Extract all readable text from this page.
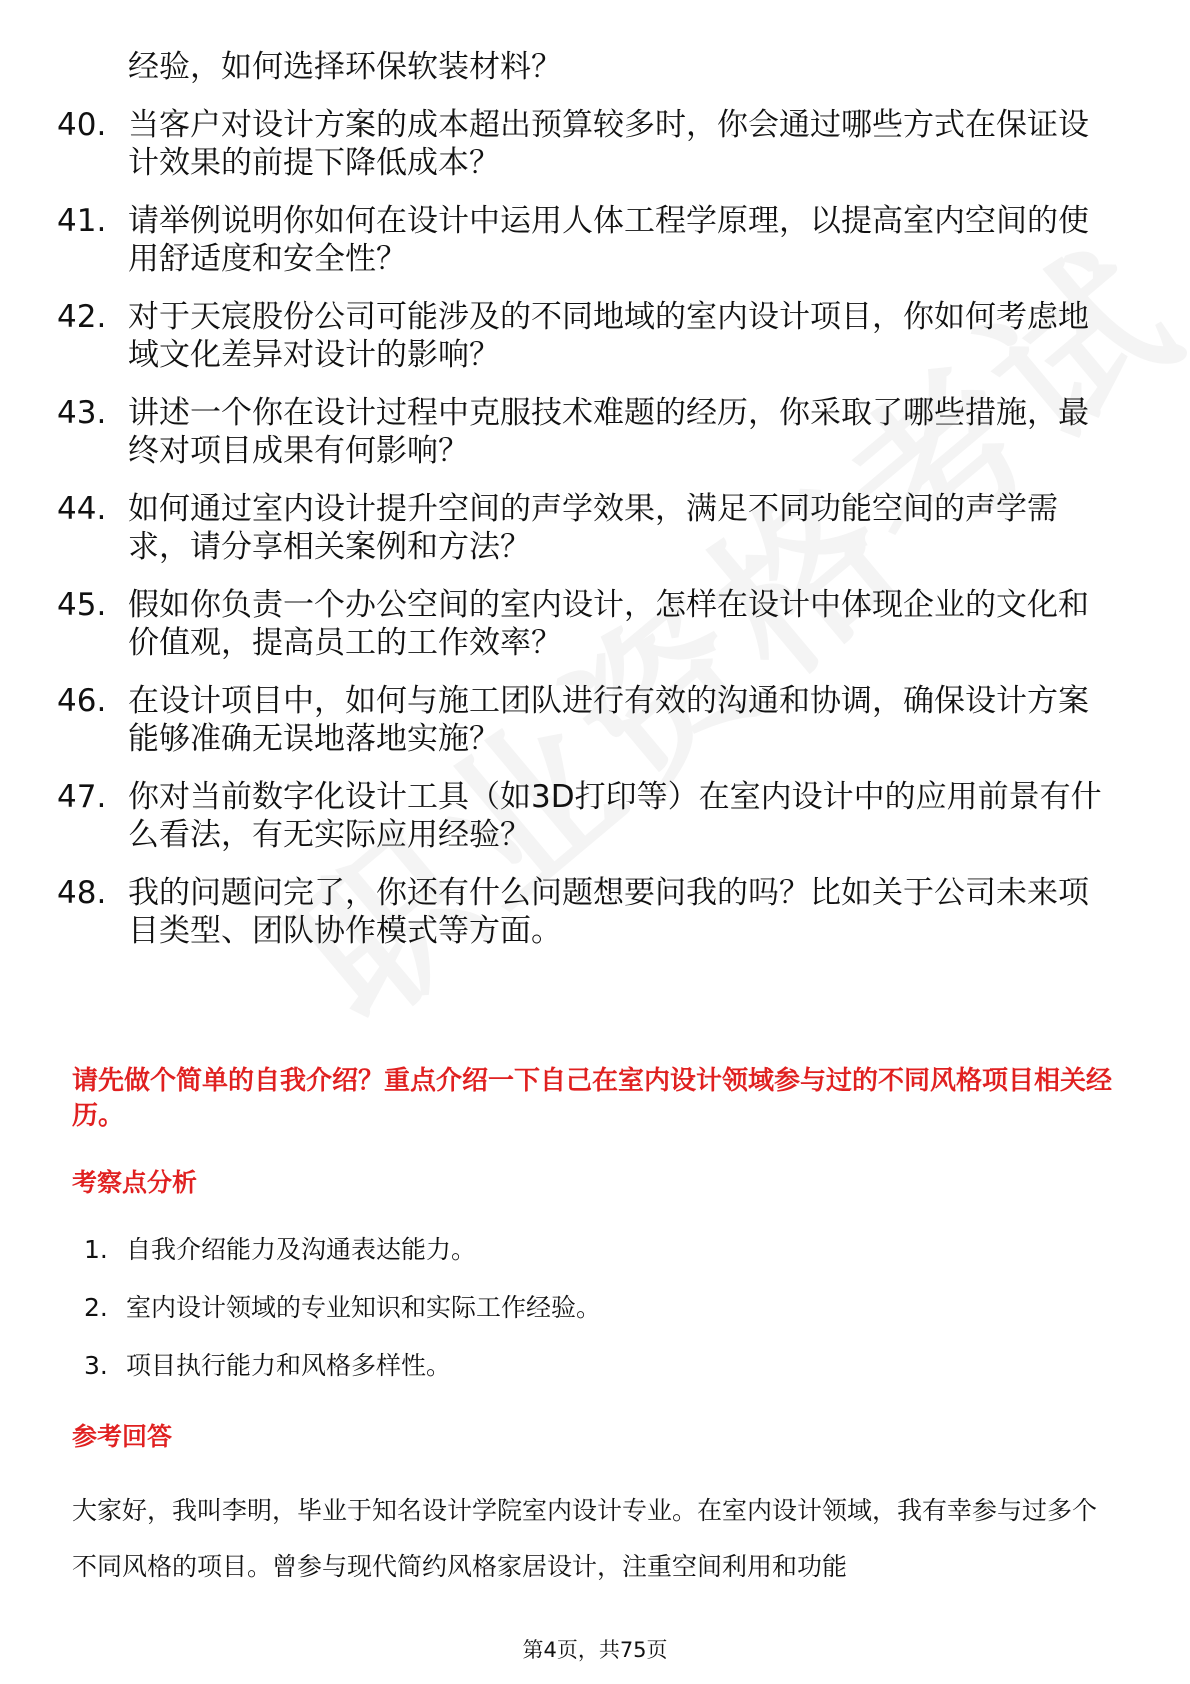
经验，如何选择环保软装材料？
40. 当客户对设计方案的成本超出预算较多时，你会通过哪些方式在保证设计效果的前提下降低成本？
41. 请举例说明你如何在设计中运用人体工程学原理，以提高室内空间的使用舒适度和安全性？
42. 对于天宸股份公司可能涉及的不同地域的室内设计项目，你如何考虑地域文化差异对设计的影响？
43. 讲述一个你在设计过程中克服技术难题的经历，你采取了哪些措施，最终对项目成果有何影响？
44. 如何通过室内设计提升空间的声学效果，满足不同功能空间的声学需求，请分享相关案例和方法？
45. 假如你负责一个办公空间的室内设计，怎样在设计中体现企业的文化和价值观，提高员工的工作效率？
46. 在设计项目中，如何与施工团队进行有效的沟通和协调，确保设计方案能够准确无误地落地实施？
47. 你对当前数字化设计工具（如3D打印等）在室内设计中的应用前景有什么看法，有无实际应用经验？
48. 我的问题问完了，你还有什么问题想要问我的吗？比如关于公司未来项目类型、团队协作模式等方面。
请先做个简单的自我介绍？重点介绍一下自己在室内设计领域参与过的不同风格项目相关经历。
考察点分析
1. 自我介绍能力及沟通表达能力。
2. 室内设计领域的专业知识和实际工作经验。
3. 项目执行能力和风格多样性。
参考回答
大家好，我叫李明，毕业于知名设计学院室内设计专业。在室内设计领域，我有幸参与过多个不同风格的项目。曾参与现代简约风格家居设计，注重空间利用和功能
第4页，共75页
